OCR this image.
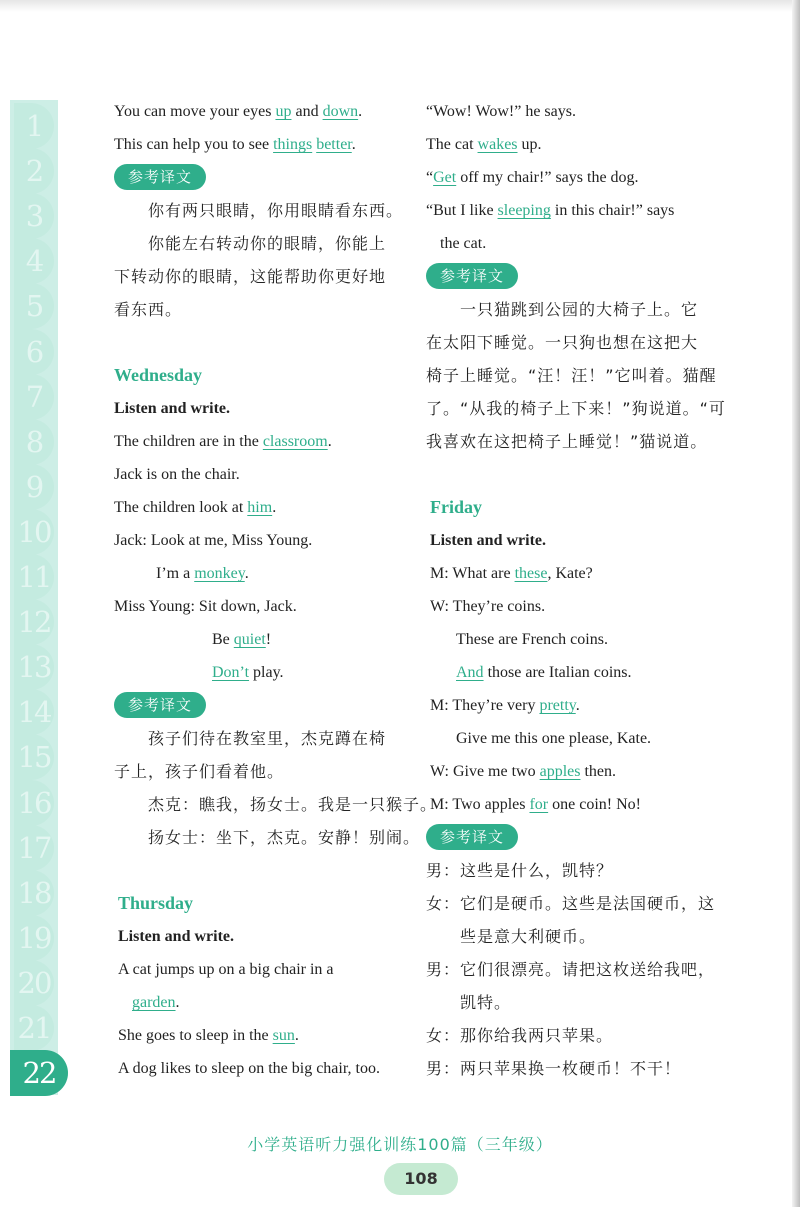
1
2
3
4
5
6
7
8
9
10
11
12
13
14
15
16
17
18
19
20
21
22
You can move your eyes up and down.
This can help you to see things better.
参考译文
你有两只眼睛，你用眼睛看东西。
你能左右转动你的眼睛，你能上
下转动你的眼睛，这能帮助你更好地
看东西。
Wednesday
Listen and write.
The children are in the classroom.
Jack is on the chair.
The children look at him.
Jack: Look at me, Miss Young.
I’m a monkey.
Miss Young: Sit down, Jack.
Be quiet!
Don’t play.
参考译文
孩子们待在教室里，杰克蹲在椅
子上，孩子们看着他。
杰克：瞧我，扬女士。我是一只猴子。
扬女士：坐下，杰克。安静！别闹。
Thursday
Listen and write.
A cat jumps up on a big chair in a
garden.
She goes to sleep in the sun.
A dog likes to sleep on the big chair, too.
“Wow! Wow!” he says.
The cat wakes up.
“Get off my chair!” says the dog.
“But I like sleeping in this chair!” says
the cat.
参考译文
一只猫跳到公园的大椅子上。它
在太阳下睡觉。一只狗也想在这把大
椅子上睡觉。“汪！汪！”它叫着。猫醒
了。“从我的椅子上下来！”狗说道。“可
我喜欢在这把椅子上睡觉！”猫说道。
Friday
Listen and write.
M: What are these, Kate?
W: They’re coins.
These are French coins.
And those are Italian coins.
M: They’re very pretty.
Give me this one please, Kate.
W: Give me two apples then.
M: Two apples for one coin! No!
参考译文
男：这些是什么，凯特？
女：它们是硬币。这些是法国硬币，这
些是意大利硬币。
男：它们很漂亮。请把这枚送给我吧，
凯特。
女：那你给我两只苹果。
男：两只苹果换一枚硬币！不干！
小学英语听力强化训练100篇（三年级）
108
